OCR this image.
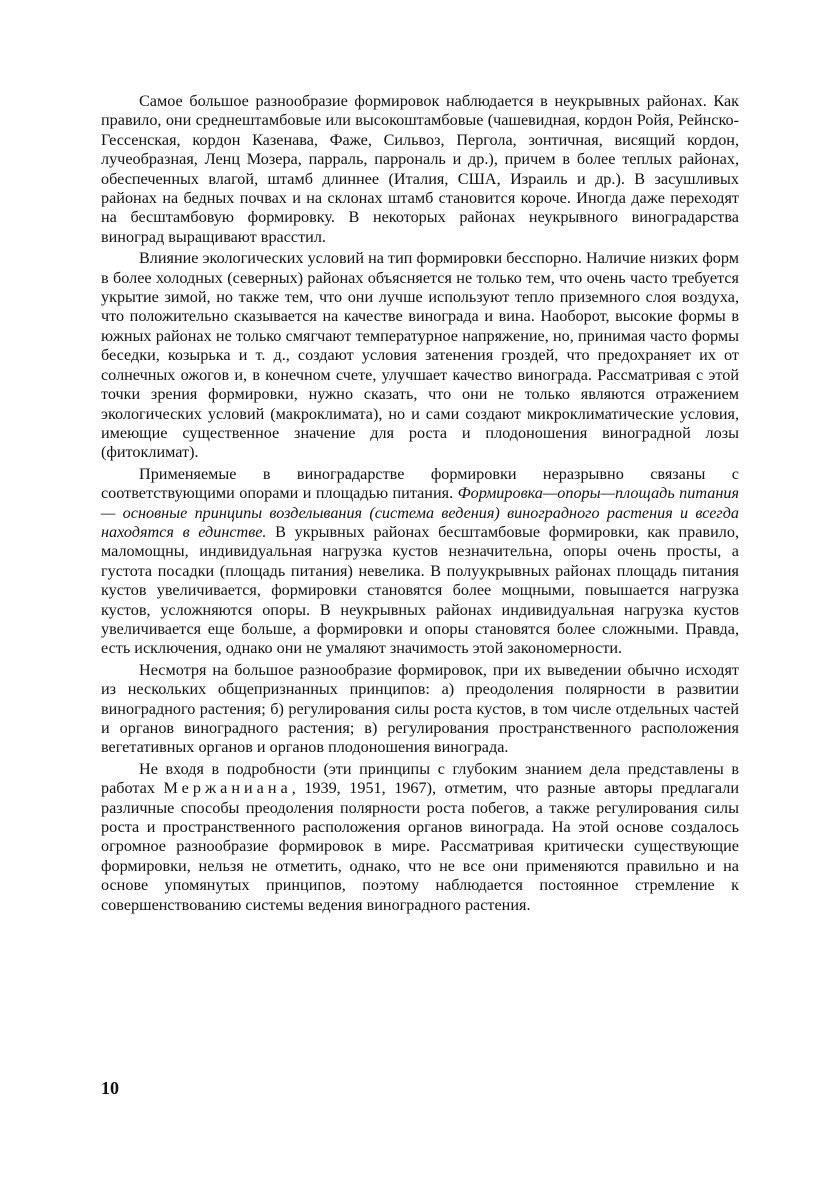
Самое большое разнообразие формировок наблюдается в неукрывных районах. Как правило, они среднештамбовые или высокоштамбовые (чашевидная, кордон Ройя, Рейнско-Гессенская, кордон Казенава, Фаже, Сильвоз, Пергола, зонтичная, висящий кордон, лучеобразная, Ленц Мозера, парраль, паррональ и др.), причем в более теплых районах, обеспеченных влагой, штамб длиннее (Италия, США, Израиль и др.). В засушливых районах на бедных почвах и на склонах штамб становится короче. Иногда даже переходят на бесштамбовую формировку. В некоторых районах неукрывного виноградарства виноград выращивают врасстил.

Влияние экологических условий на тип формировки бесспорно. Наличие низких форм в более холодных (северных) районах объясняется не только тем, что очень часто требуется укрытие зимой, но также тем, что они лучше используют тепло приземного слоя воздуха, что положительно сказывается на качестве винограда и вина. Наоборот, высокие формы в южных районах не только смягчают температурное напряжение, но, принимая часто формы беседки, козырька и т. д., создают условия затенения гроздей, что предохраняет их от солнечных ожогов и, в конечном счете, улучшает качество винограда. Рассматривая с этой точки зрения формировки, нужно сказать, что они не только являются отражением экологических условий (макроклимата), но и сами создают микроклиматические условия, имеющие существенное значение для роста и плодоношения виноградной лозы (фитоклимат).

Применяемые в виноградарстве формировки неразрывно связаны с соответствующими опорами и площадью питания. Формировка—опоры—площадь питания — основные принципы возделывания (система ведения) виноградного растения и всегда находятся в единстве. В укрывных районах бесштамбовые формировки, как правило, маломощны, индивидуальная нагрузка кустов незначительна, опоры очень просты, а густота посадки (площадь питания) невелика. В полуукрывных районах площадь питания кустов увеличивается, формировки становятся более мощными, повышается нагрузка кустов, усложняются опоры. В неукрывных районах индивидуальная нагрузка кустов увеличивается еще больше, а формировки и опоры становятся более сложными. Правда, есть исключения, однако они не умаляют значимость этой закономерности.

Несмотря на большое разнообразие формировок, при их выведении обычно исходят из нескольких общепризнанных принципов: а) преодоления полярности в развитии виноградного растения; б) регулирования силы роста кустов, в том числе отдельных частей и органов виноградного растения; в) регулирования пространственного расположения вегетативных органов и органов плодоношения винограда.

Не входя в подробности (эти принципы с глубоким знанием дела представлены в работах Мержаниана, 1939, 1951, 1967), отметим, что разные авторы предлагали различные способы преодоления полярности роста побегов, а также регулирования силы роста и пространственного расположения органов винограда. На этой основе создалось огромное разнообразие формировок в мире. Рассматривая критически существующие формировки, нельзя не отметить, однако, что не все они применяются правильно и на основе упомянутых принципов, поэтому наблюдается постоянное стремление к совершенствованию системы ведения виноградного растения.

10
